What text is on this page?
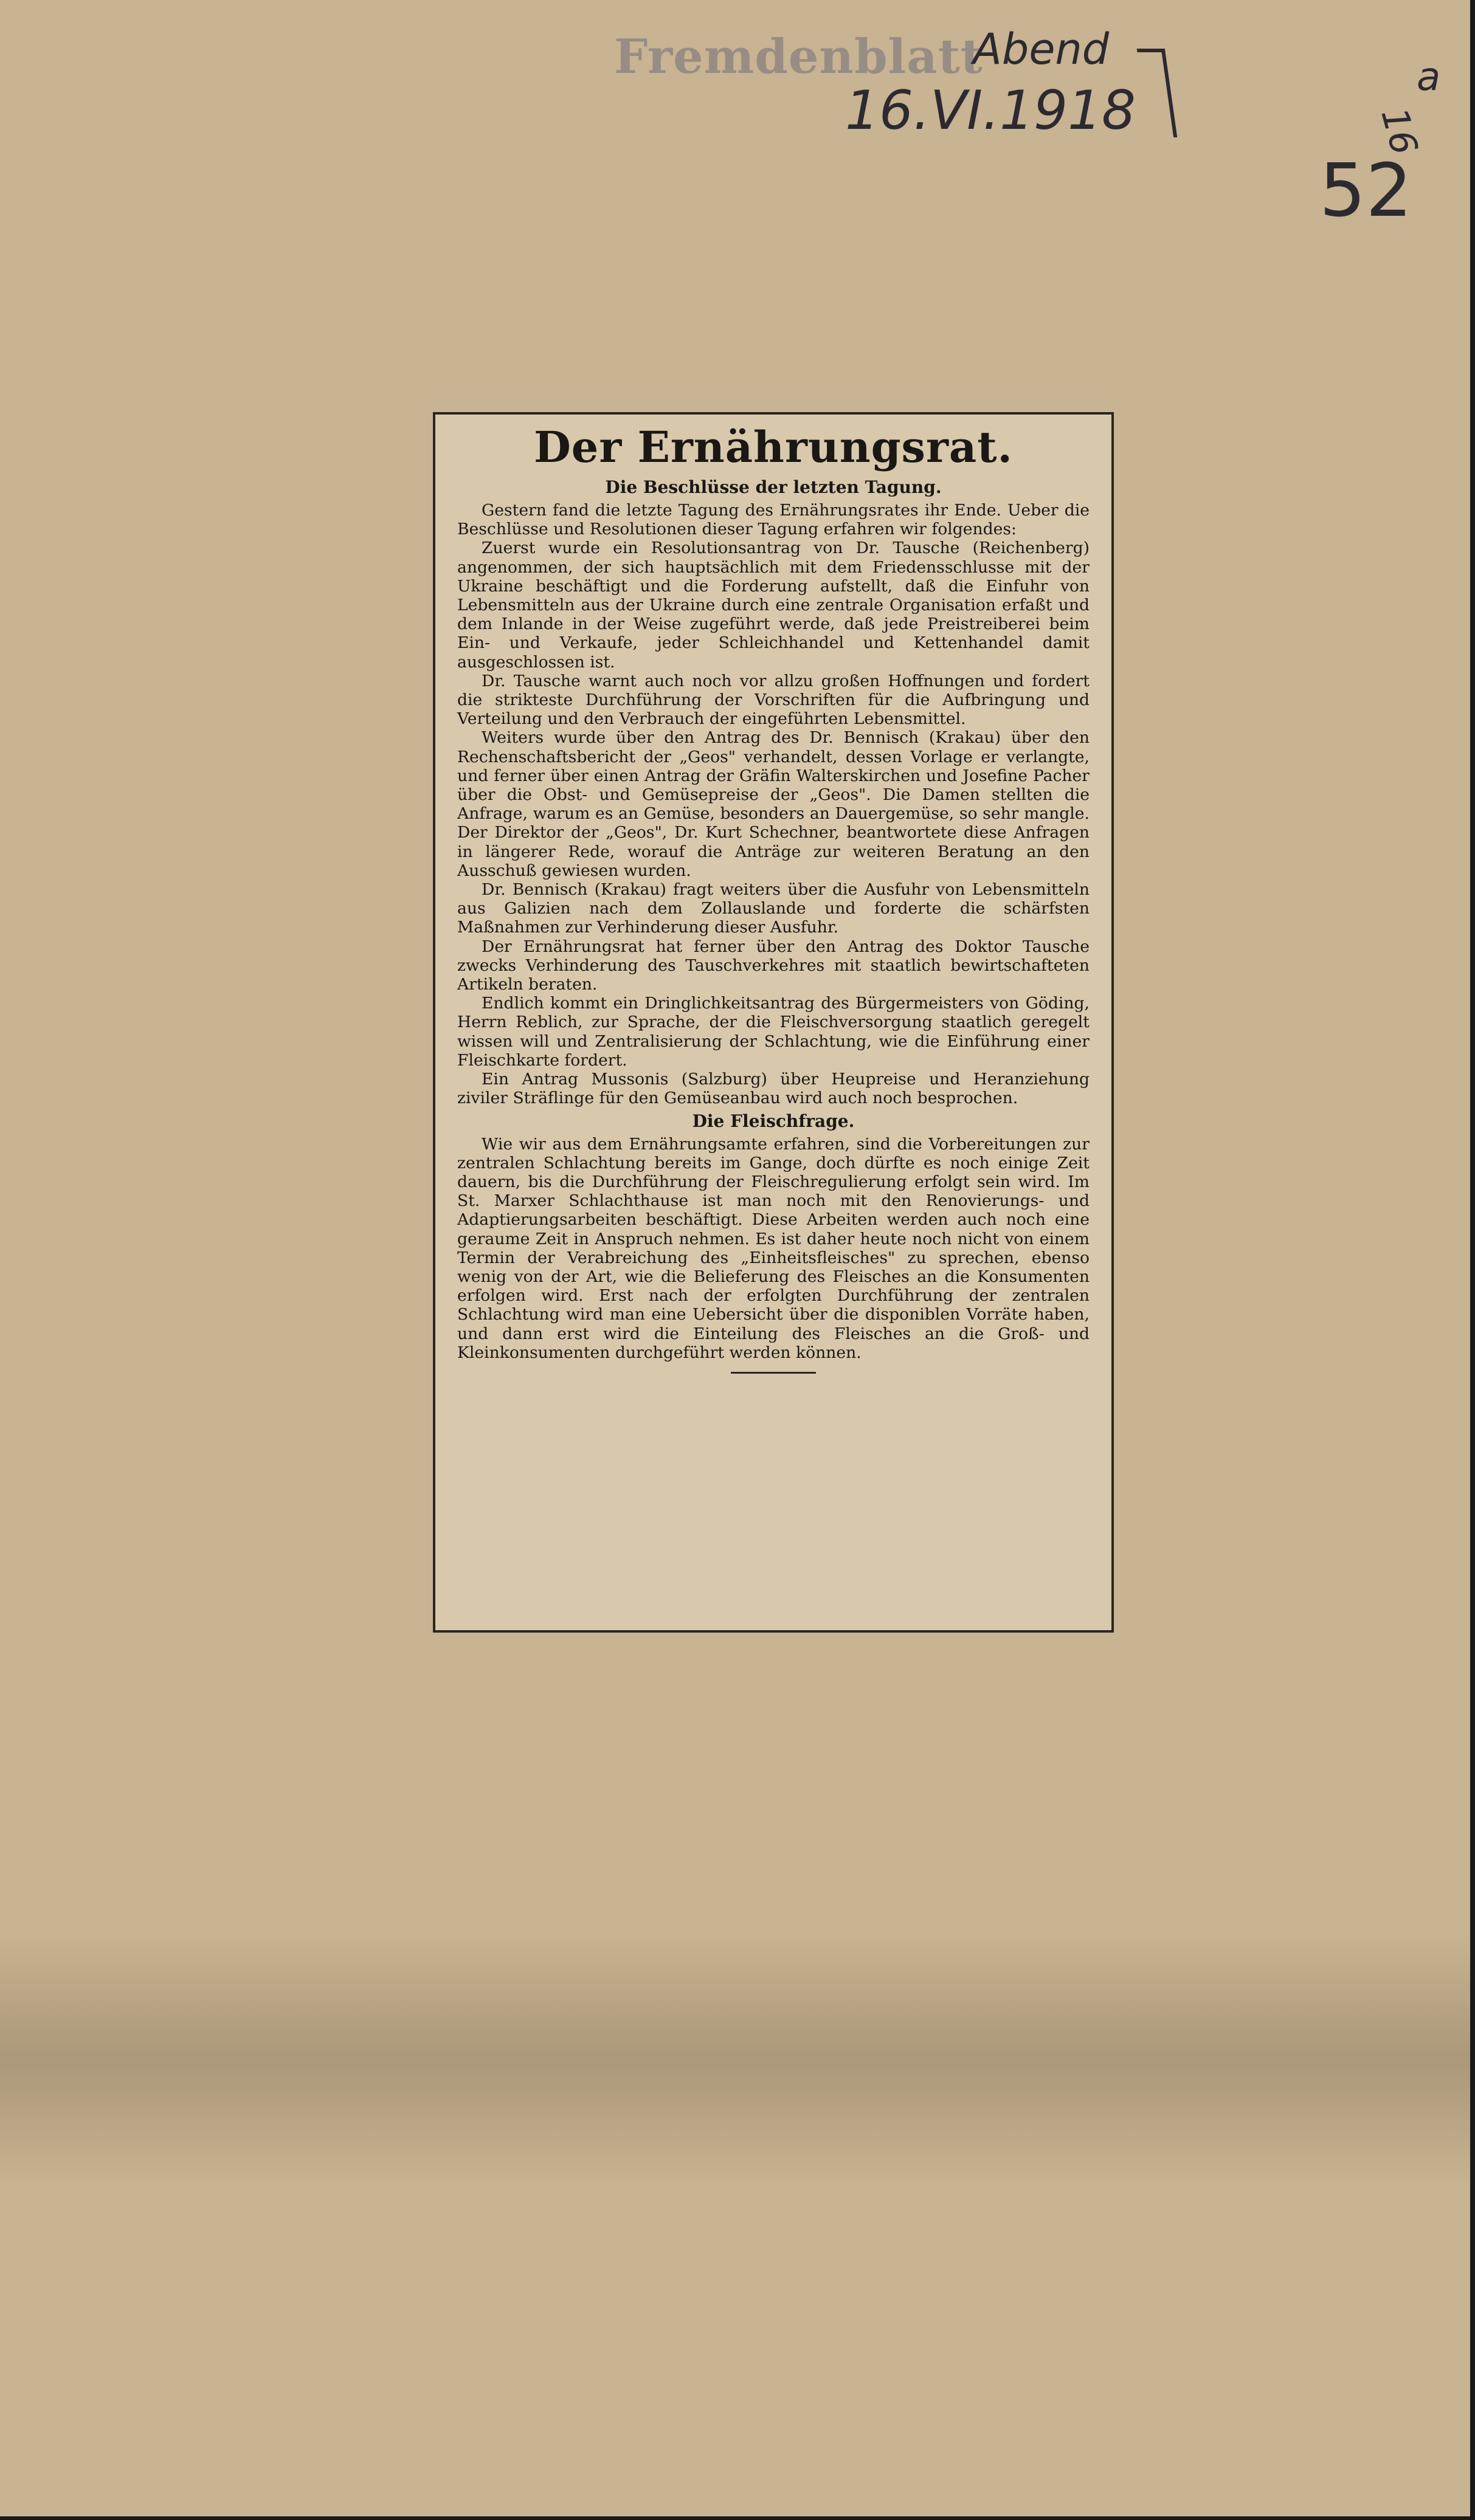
Fremdenblatt
Abend
16.VI.1918
a
16
52
Der Ernährungsrat.
Die Beschlüsse der letzten Tagung.

Gestern fand die letzte Tagung des Ernährungsrates ihr Ende. Ueber die Beschlüsse und Resolutionen dieser Tagung erfahren wir folgendes:

Zuerst wurde ein Resolutionsantrag von Dr. Tausche (Reichenberg) angenommen, der sich hauptsächlich mit dem Friedensschlusse mit der Ukraine beschäftigt und die Forderung aufstellt, daß die Einfuhr von Lebensmitteln aus der Ukraine durch eine zentrale Organisation erfaßt und dem Inlande in der Weise zugeführt werde, daß jede Preistreiberei beim Ein- und Verkaufe, jeder Schleichhandel und Kettenhandel damit ausgeschlossen ist.

Dr. Tausche warnt auch noch vor allzu großen Hoffnungen und fordert die strikteste Durchführung der Vorschriften für die Aufbringung und Verteilung und den Verbrauch der eingeführten Lebensmittel.

Weiters wurde über den Antrag des Dr. Bennisch (Krakau) über den Rechenschaftsbericht der „Geos" verhandelt, dessen Vorlage er verlangte, und ferner über einen Antrag der Gräfin Walterskirchen und Josefine Pacher über die Obst- und Gemüsepreise der „Geos". Die Damen stellten die Anfrage, warum es an Gemüse, besonders an Dauergemüse, so sehr mangle. Der Direktor der „Geos", Dr. Kurt Schechner, beantwortete diese Anfragen in längerer Rede, worauf die Anträge zur weiteren Beratung an den Ausschuß gewiesen wurden.

Dr. Bennisch (Krakau) fragt weiters über die Ausfuhr von Lebensmitteln aus Galizien nach dem Zollauslande und forderte die schärfsten Maßnahmen zur Verhinderung dieser Ausfuhr.

Der Ernährungsrat hat ferner über den Antrag des Doktor Tausche zwecks Verhinderung des Tauschverkehres mit staatlich bewirtschafteten Artikeln beraten.

Endlich kommt ein Dringlichkeitsantrag des Bürgermeisters von Göding, Herrn Reblich, zur Sprache, der die Fleischversorgung staatlich geregelt wissen will und Zentralisierung der Schlachtung, wie die Einführung einer Fleischkarte fordert.

Ein Antrag Mussonis (Salzburg) über Heupreise und Heranziehung ziviler Sträflinge für den Gemüseanbau wird auch noch besprochen.

Die Fleischfrage.

Wie wir aus dem Ernährungsamte erfahren, sind die Vorbereitungen zur zentralen Schlachtung bereits im Gange, doch dürfte es noch einige Zeit dauern, bis die Durchführung der Fleischregulierung erfolgt sein wird. Im St. Marxer Schlachthause ist man noch mit den Renovierungs- und Adaptierungsarbeiten beschäftigt. Diese Arbeiten werden auch noch eine geraume Zeit in Anspruch nehmen. Es ist daher heute noch nicht von einem Termin der Verabreichung des „Einheitsfleisches" zu sprechen, ebenso wenig von der Art, wie die Belieferung des Fleisches an die Konsumenten erfolgen wird. Erst nach der erfolgten Durchführung der zentralen Schlachtung wird man eine Uebersicht über die disponiblen Vorräte haben, und dann erst wird die Einteilung des Fleisches an die Groß- und Kleinkonsumenten durchgeführt werden können.
